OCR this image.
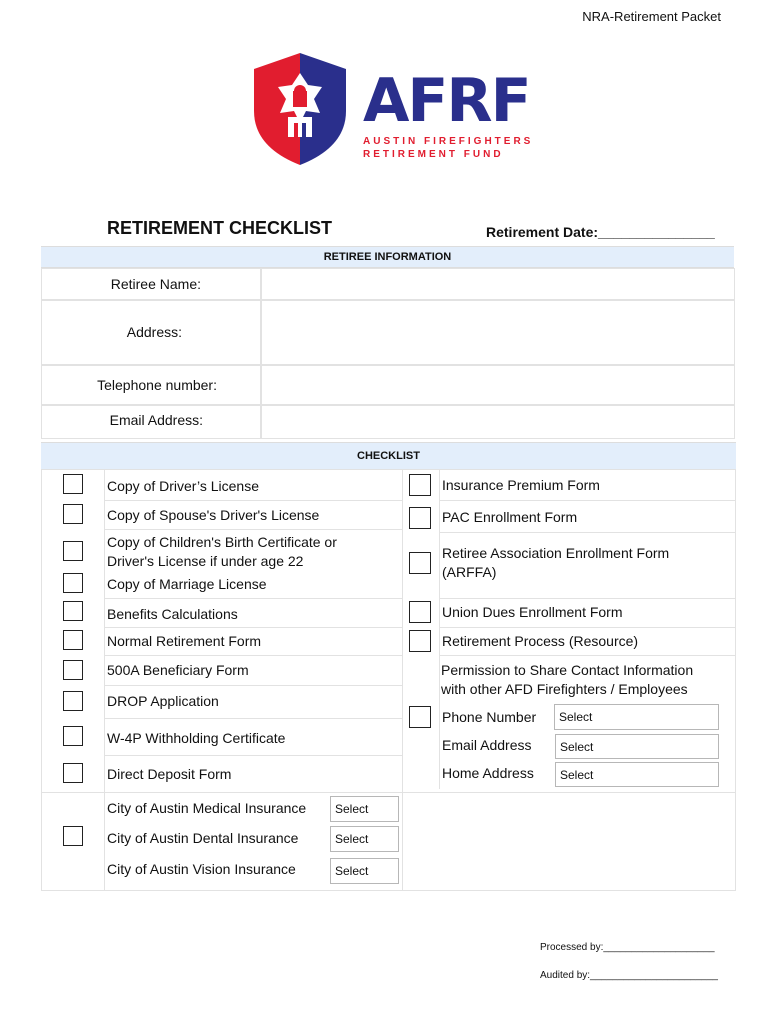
NRA-Retirement Packet
AFRF
AUSTIN FIREFIGHTERS
RETIREMENT FUND
RETIREMENT CHECKLIST	Retirement Date:_______________
RETIREE INFORMATION
Retiree Name:
Address:
Telephone number:
Email Address:
CHECKLIST
Copy of Driver’s License
Copy of Spouse's Driver's License
Copy of Children's Birth Certificate or
Driver's License if under age 22
Copy of Marriage License
Benefits Calculations
Normal Retirement Form
500A Beneficiary Form
DROP Application
W-4P Withholding Certificate
Direct Deposit Form
City of Austin Medical Insurance	Select
City of Austin Dental Insurance	Select
City of Austin Vision Insurance	Select
Insurance Premium Form
PAC Enrollment Form
Retiree Association Enrollment Form
(ARFFA)
Union Dues Enrollment Form
Retirement Process (Resource)
Permission to Share Contact Information
with other AFD Firefighters / Employees
Phone Number	Select
Email Address	Select
Home Address	Select
Processed by:____________________
Audited by:_______________________
